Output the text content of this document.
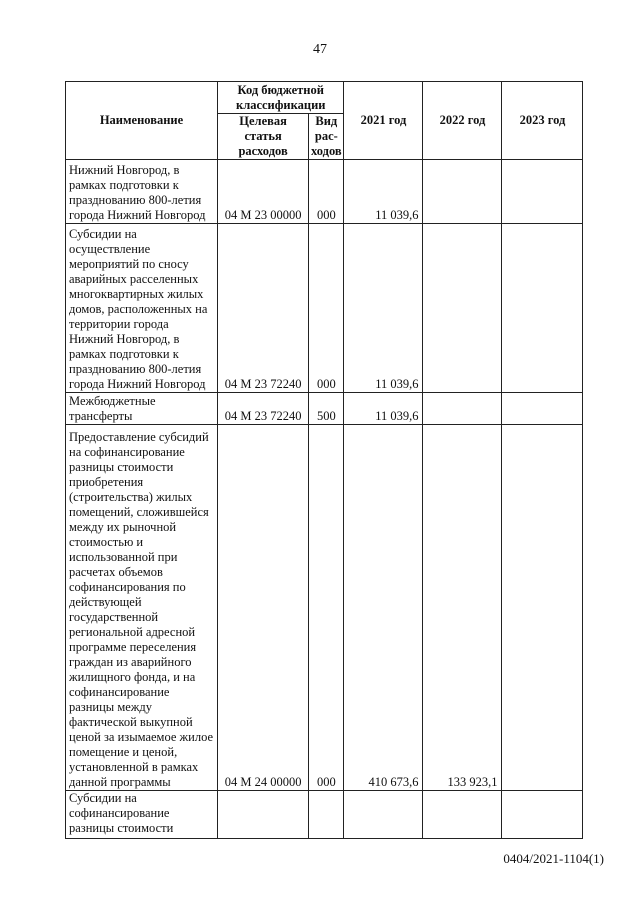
47
Наименование	Код бюджетной классификации		2021 год	2022 год	2023 год
	Целевая статья расходов	Вид рас-ходов			
Нижний Новгород, в рамках подготовки к празднованию 800-летия города Нижний Новгород	04 М 23 00000	000	11 039,6		
Субсидии на осуществление мероприятий по сносу аварийных расселенных многоквартирных жилых домов, расположенных на территории города Нижний Новгород, в рамках подготовки к празднованию 800-летия города Нижний Новгород	04 М 23 72240	000	11 039,6		
Межбюджетные трансферты	04 М 23 72240	500	11 039,6		
Предоставление субсидий на софинансирование разницы стоимости приобретения (строительства) жилых помещений, сложившейся между их рыночной стоимостью и использованной при расчетах объемов софинансирования по действующей государственной региональной адресной программе переселения граждан из аварийного жилищного фонда, и на софинансирование разницы между фактической выкупной ценой за изымаемое жилое помещение и ценой, установленной в рамках данной программы	04 М 24 00000	000	410 673,6	133 923,1	
Субсидии на софинансирование разницы стоимости					
0404/2021-1104(1)
